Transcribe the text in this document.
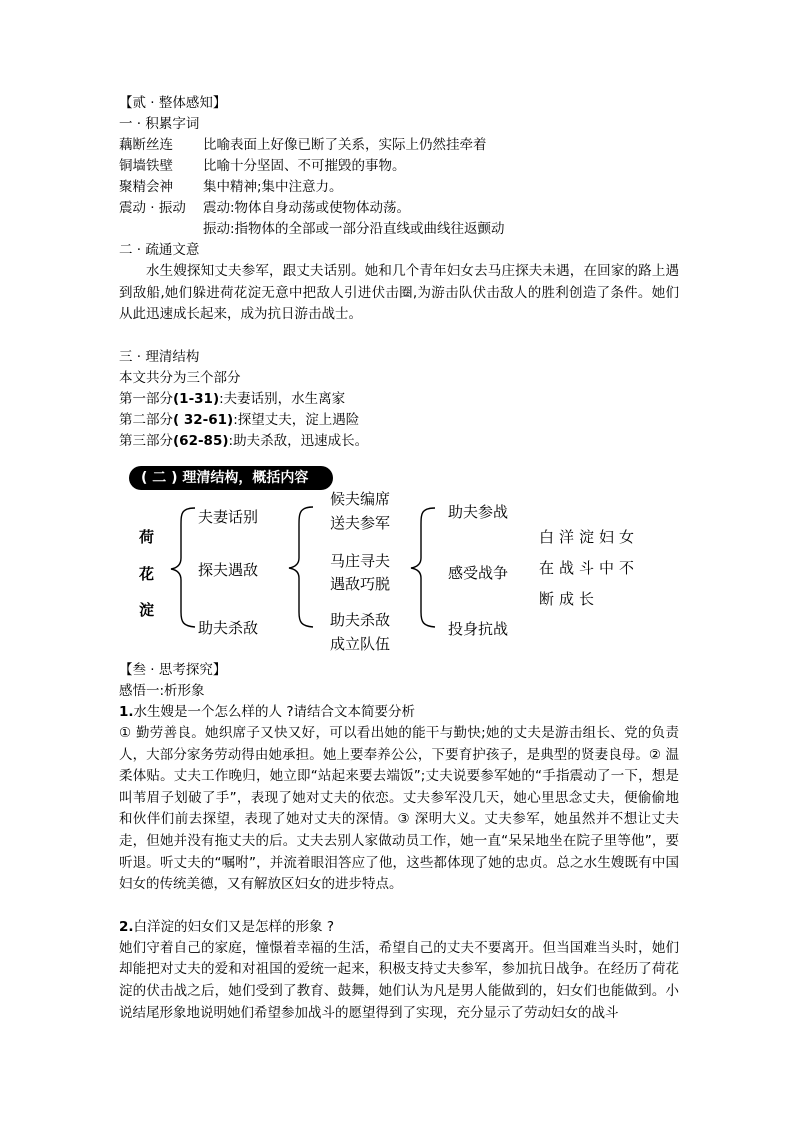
【贰 · 整体感知】
一 · 积累字词
藕断丝连 比喻表面上好像已断了关系，实际上仍然挂牵着
铜墙铁壁 比喻十分坚固、不可摧毁的事物。
聚精会神 集中精神;集中注意力。
震动 · 振动 震动:物体自身动荡或使物体动荡。
振动:指物体的全部或一部分沿直线或曲线往返颤动
二 · 疏通文意
水生嫂探知丈夫参军，跟丈夫话别。她和几个青年妇女去马庄探夫未遇，在回家的路上遇到敌船,她们躲进荷花淀无意中把敌人引进伏击圈,为游击队伏击敌人的胜利创造了条件。她们从此迅速成长起来，成为抗日游击战士。
三 · 理清结构
本文共分为三个部分
第一部分(1-31):夫妻话别，水生离家
第二部分( 32-61):探望丈夫，淀上遇险
第三部分(62-85):助夫杀敌，迅速成长。
( 二 ) 理清结构，概括内容
荷
花
淀
夫妻话别
探夫遇敌
助夫杀敌
候夫编席
送夫参军
马庄寻夫
遇敌巧脱
助夫杀敌
成立队伍
助夫参战
感受战争
投身抗战
白洋淀妇女在战斗中不断成长
【叁 · 思考探究】
感悟一:析形象
1.水生嫂是一个怎么样的人 ?请结合文本简要分析
① 勤劳善良。她织席子又快又好，可以看出她的能干与勤快;她的丈夫是游击组长、党的负责人，大部分家务劳动得由她承担。她上要奉养公公，下要育护孩子，是典型的贤妻良母。② 温柔体贴。丈夫工作晚归，她立即“站起来要去端饭”;丈夫说要参军她的“手指震动了一下，想是叫苇眉子划破了手”，表现了她对丈夫的依恋。丈夫参军没几天，她心里思念丈夫，便偷偷地和伙伴们前去探望，表现了她对丈夫的深情。③ 深明大义。丈夫参军，她虽然并不想让丈夫走，但她并没有拖丈夫的后。丈夫去别人家做动员工作，她一直“呆呆地坐在院子里等他”，要听退。听丈夫的“嘱咐”，并流着眼泪答应了他，这些都体现了她的忠贞。总之水生嫂既有中国妇女的传统美德，又有解放区妇女的进步特点。
2.白洋淀的妇女们又是怎样的形象 ?
她们守着自己的家庭，憧憬着幸福的生活，希望自己的丈夫不要离开。但当国难当头时，她们却能把对丈夫的爱和对祖国的爱统一起来，积极支持丈夫参军，参加抗日战争。在经历了荷花淀的伏击战之后，她们受到了教育、鼓舞，她们认为凡是男人能做到的，妇女们也能做到。小说结尾形象地说明她们希望参加战斗的愿望得到了实现，充分显示了劳动妇女的战斗
